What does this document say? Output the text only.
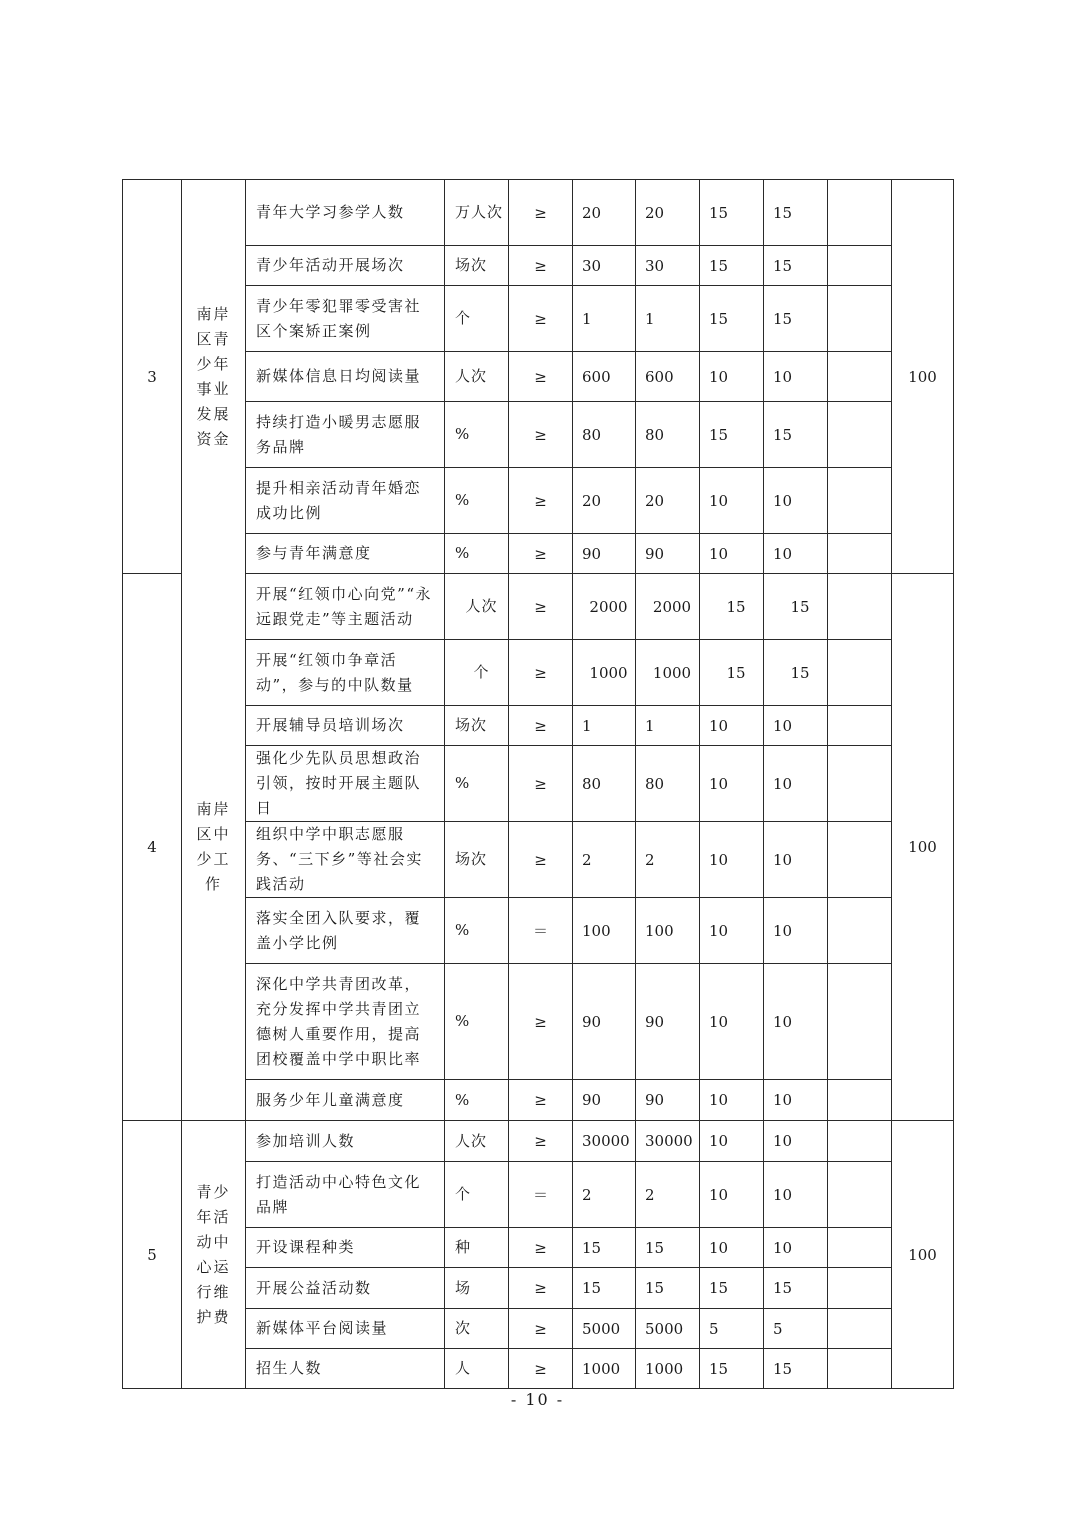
3	南岸区青少年事业发展资金	青年大学习参学人数	万人次	≥	20	20	15	15		100
		青少年活动开展场次	场次	≥	30	30	15	15		
		青少年零犯罪零受害社区个案矫正案例	个	≥	1	1	15	15		
		新媒体信息日均阅读量	人次	≥	600	600	10	10		
		持续打造小暖男志愿服务品牌	%	≥	80	80	15	15		
		提升相亲活动青年婚恋成功比例	%	≥	20	20	10	10		
		参与青年满意度	%	≥	90	90	10	10		
4	南岸区中少工作	开展“红领巾心向党”“永远跟党走”等主题活动	人次	≥	2000	2000	15	15		100
		开展“红领巾争章活动”，参与的中队数量	个	≥	1000	1000	15	15		
		开展辅导员培训场次	场次	≥	1	1	10	10		
		强化少先队员思想政治引领，按时开展主题队日	%	≥	80	80	10	10		
		组织中学中职志愿服务、“三下乡”等社会实践活动	场次	≥	2	2	10	10		
		落实全团入队要求，覆盖小学比例	%	＝	100	100	10	10		
		深化中学共青团改革，充分发挥中学共青团立德树人重要作用，提高团校覆盖中学中职比率	%	≥	90	90	10	10		
		服务少年儿童满意度	%	≥	90	90	10	10		
5	青少年活动中心运行维护费	参加培训人数	人次	≥	30000	30000	10	10		100
		打造活动中心特色文化品牌	个	＝	2	2	10	10		
		开设课程种类	种	≥	15	15	10	10		
		开展公益活动数	场	≥	15	15	15	15		
		新媒体平台阅读量	次	≥	5000	5000	5	5		
		招生人数	人	≥	1000	1000	15	15		
- 10 -
